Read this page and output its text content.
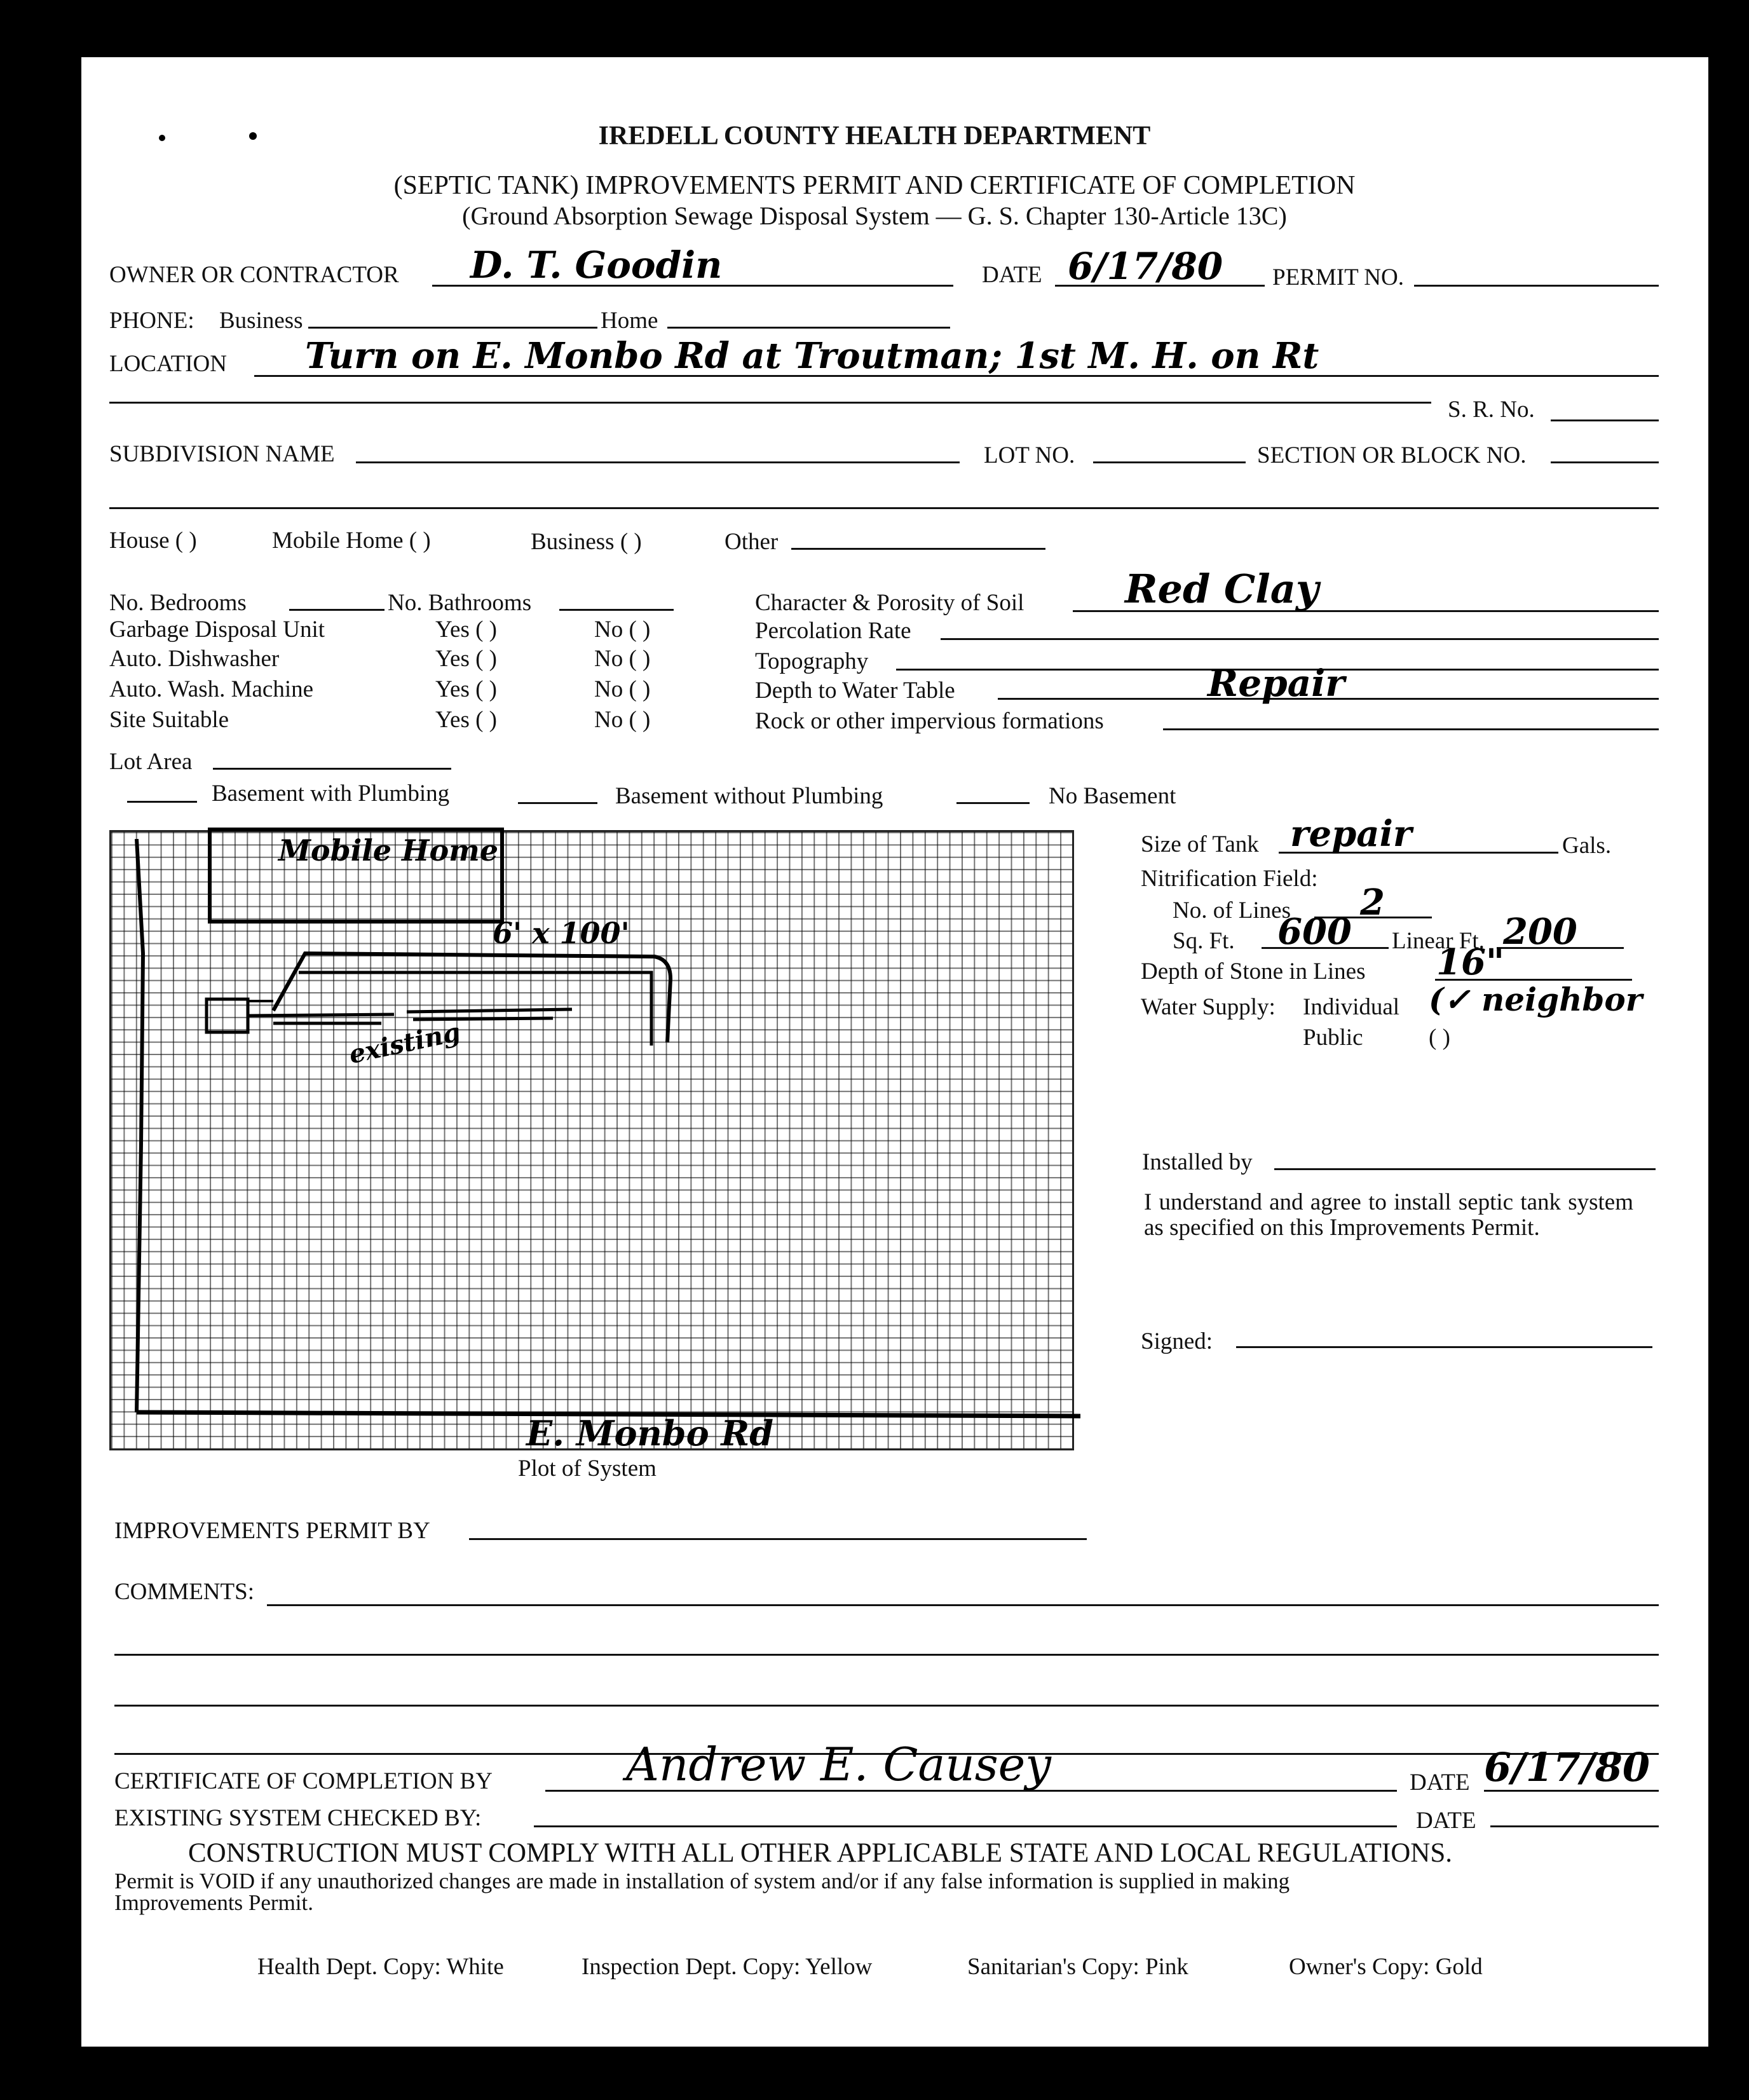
IREDELL COUNTY HEALTH DEPARTMENT
(SEPTIC TANK) IMPROVEMENTS PERMIT AND CERTIFICATE OF COMPLETION
(Ground Absorption Sewage Disposal System — G. S. Chapter 130-Article 13C)
OWNER OR CONTRACTOR D. T. Goodin	DATE 6/17/80 PERMIT NO.
PHONE: Business	Home
LOCATION Turn on E. Monbo Rd at Troutman; 1st M. H. on Rt
S. R. No.
SUBDIVISION NAME	LOT NO.	SECTION OR BLOCK NO.
House ( )	Mobile Home ( )	Business ( )	Other
No. Bedrooms	No. Bathrooms
Garbage Disposal Unit	Yes ( )	No ( )
Auto. Dishwasher	Yes ( )	No ( )
Auto. Wash. Machine	Yes ( )	No ( )
Site Suitable	Yes ( )	No ( )
Character & Porosity of Soil	Red Clay
Percolation Rate
Topography
Depth to Water Table	Repair
Rock or other impervious formations
Lot Area
Basement with Plumbing	Basement without Plumbing	No Basement
Mobile Home
6' x 100'
existing
E. Monbo Rd
line
Plot of System
Size of Tank repair	Gals.
Nitrification Field:
No. of Lines 2
Sq. Ft. 600 Linear Ft. 200
Depth of Stone in Lines 16"
Water Supply: Individual (✓ neighbor
Public	( )
Installed by
I understand and agree to install septic tank system as specified on this Improvements Permit.
Signed:
IMPROVEMENTS PERMIT BY
COMMENTS:
CERTIFICATE OF COMPLETION BY	Andrew E. Causey	DATE 6/17/80
EXISTING SYSTEM CHECKED BY:	DATE
CONSTRUCTION MUST COMPLY WITH ALL OTHER APPLICABLE STATE AND LOCAL REGULATIONS.
Permit is VOID if any unauthorized changes are made in installation of system and/or if any false information is supplied in making
Improvements Permit.
Health Dept. Copy: White	Inspection Dept. Copy: Yellow	Sanitarian's Copy: Pink	Owner's Copy: Gold
